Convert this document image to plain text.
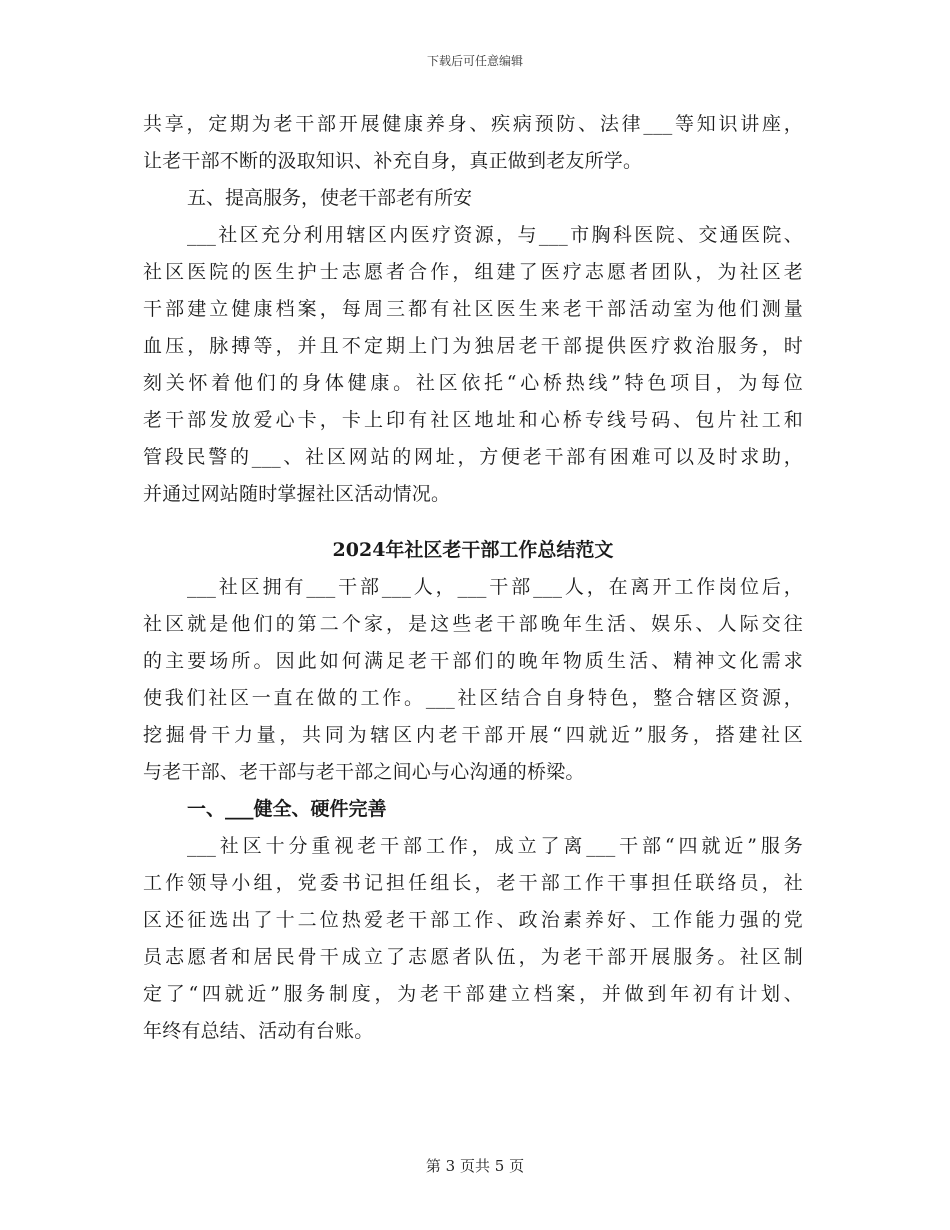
下载后可任意编辑
共享，定期为老干部开展健康养身、疾病预防、法律___等知识讲座，
让老干部不断的汲取知识、补充自身，真正做到老友所学。
五、提高服务，使老干部老有所安
___社区充分利用辖区内医疗资源，与___市胸科医院、交通医院、
社区医院的医生护士志愿者合作，组建了医疗志愿者团队，为社区老
干部建立健康档案，每周三都有社区医生来老干部活动室为他们测量
血压，脉搏等，并且不定期上门为独居老干部提供医疗救治服务，时
刻关怀着他们的身体健康。社区依托“心桥热线”特色项目，为每位
老干部发放爱心卡，卡上印有社区地址和心桥专线号码、包片社工和
管段民警的___、社区网站的网址，方便老干部有困难可以及时求助，
并通过网站随时掌握社区活动情况。
2024年社区老干部工作总结范文
___社区拥有___干部___人，___干部___人，在离开工作岗位后，
社区就是他们的第二个家，是这些老干部晚年生活、娱乐、人际交往
的主要场所。因此如何满足老干部们的晚年物质生活、精神文化需求
使我们社区一直在做的工作。___社区结合自身特色，整合辖区资源，
挖掘骨干力量，共同为辖区内老干部开展“四就近”服务，搭建社区
与老干部、老干部与老干部之间心与心沟通的桥梁。
一、___健全、硬件完善
___社区十分重视老干部工作，成立了离___干部“四就近”服务
工作领导小组，党委书记担任组长，老干部工作干事担任联络员，社
区还征选出了十二位热爱老干部工作、政治素养好、工作能力强的党
员志愿者和居民骨干成立了志愿者队伍，为老干部开展服务。社区制
定了“四就近”服务制度，为老干部建立档案，并做到年初有计划、
年终有总结、活动有台账。
第 3 页共 5 页
